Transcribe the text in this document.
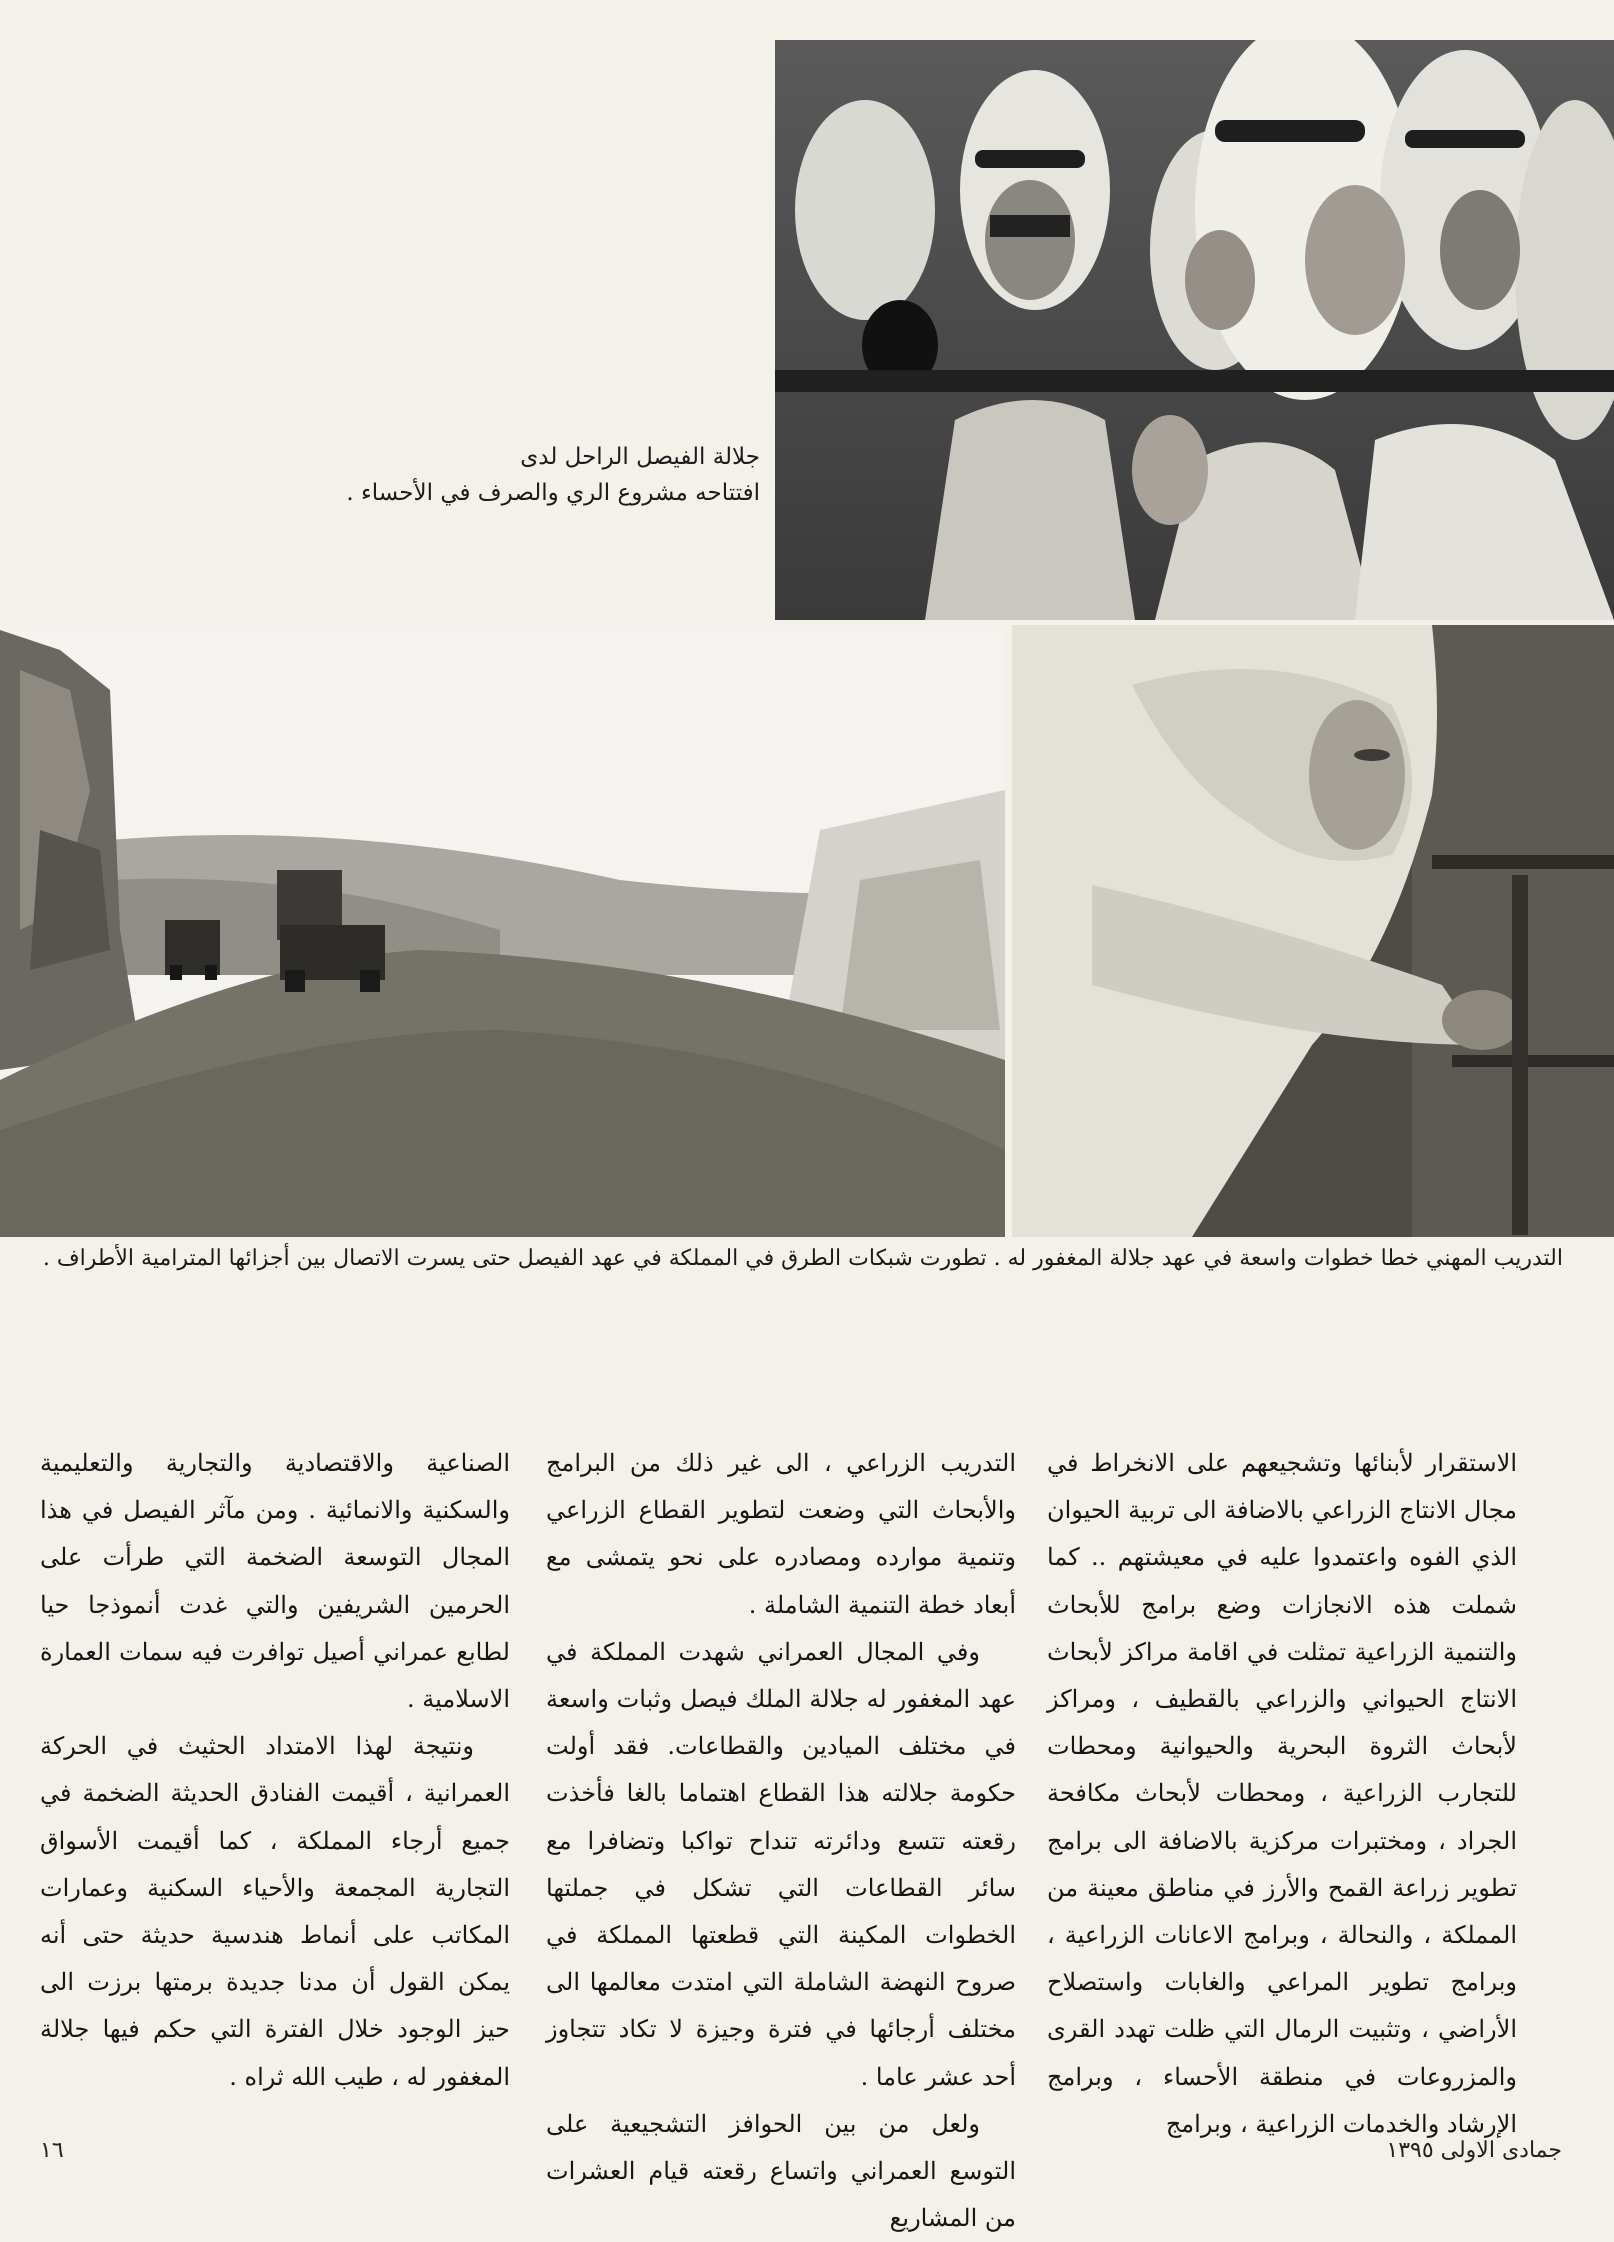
جلالة الفيصل الراحل لدى
افتتاحه مشروع الري والصرف في الأحساء .
التدريب المهني خطا خطوات واسعة في عهد جلالة المغفور له . تطورت شبكات الطرق في المملكة في عهد الفيصل حتى يسرت الاتصال بين أجزائها المترامية الأطراف .

الاستقرار لأبنائها وتشجيعهم على الانخراط في مجال الانتاج الزراعي بالاضافة الى تربية الحيوان الذي الفوه واعتمدوا عليه في معيشتهم .. كما شملت هذه الانجازات وضع برامج للأبحاث والتنمية الزراعية تمثلت في اقامة مراكز لأبحاث الانتاج الحيواني والزراعي بالقطيف ، ومراكز لأبحاث الثروة البحرية والحيوانية ومحطات للتجارب الزراعية ، ومحطات لأبحاث مكافحة الجراد ، ومختبرات مركزية بالاضافة الى برامج تطوير زراعة القمح والأرز في مناطق معينة من المملكة ، والنحالة ، وبرامج الاعانات الزراعية ، وبرامج تطوير المراعي والغابات واستصلاح الأراضي ، وتثبيت الرمال التي ظلت تهدد القرى والمزروعات في منطقة الأحساء ، وبرامج الإرشاد والخدمات الزراعية ، وبرامج

التدريب الزراعي ، الى غير ذلك من البرامج والأبحاث التي وضعت لتطوير القطاع الزراعي وتنمية موارده ومصادره على نحو يتمشى مع أبعاد خطة التنمية الشاملة .

وفي المجال العمراني شهدت المملكة في عهد المغفور له جلالة الملك فيصل وثبات واسعة في مختلف الميادين والقطاعات. فقد أولت حكومة جلالته هذا القطاع اهتماما بالغا فأخذت رقعته تتسع ودائرته تنداح تواكبا وتضافرا مع سائر القطاعات التي تشكل في جملتها الخطوات المكينة التي قطعتها المملكة في صروح النهضة الشاملة التي امتدت معالمها الى مختلف أرجائها في فترة وجيزة لا تكاد تتجاوز أحد عشر عاما .

ولعل من بين الحوافز التشجيعية على التوسع العمراني واتساع رقعته قيام العشرات من المشاريع

الصناعية والاقتصادية والتجارية والتعليمية والسكنية والانمائية . ومن مآثر الفيصل في هذا المجال التوسعة الضخمة التي طرأت على الحرمين الشريفين والتي غدت أنموذجا حيا لطابع عمراني أصيل توافرت فيه سمات العمارة الاسلامية .

ونتيجة لهذا الامتداد الحثيث في الحركة العمرانية ، أقيمت الفنادق الحديثة الضخمة في جميع أرجاء المملكة ، كما أقيمت الأسواق التجارية المجمعة والأحياء السكنية وعمارات المكاتب على أنماط هندسية حديثة حتى أنه يمكن القول أن مدنا جديدة برمتها برزت الى حيز الوجود خلال الفترة التي حكم فيها جلالة المغفور له ، طيب الله ثراه .

١٦	جمادى الاولى ١٣٩٥
